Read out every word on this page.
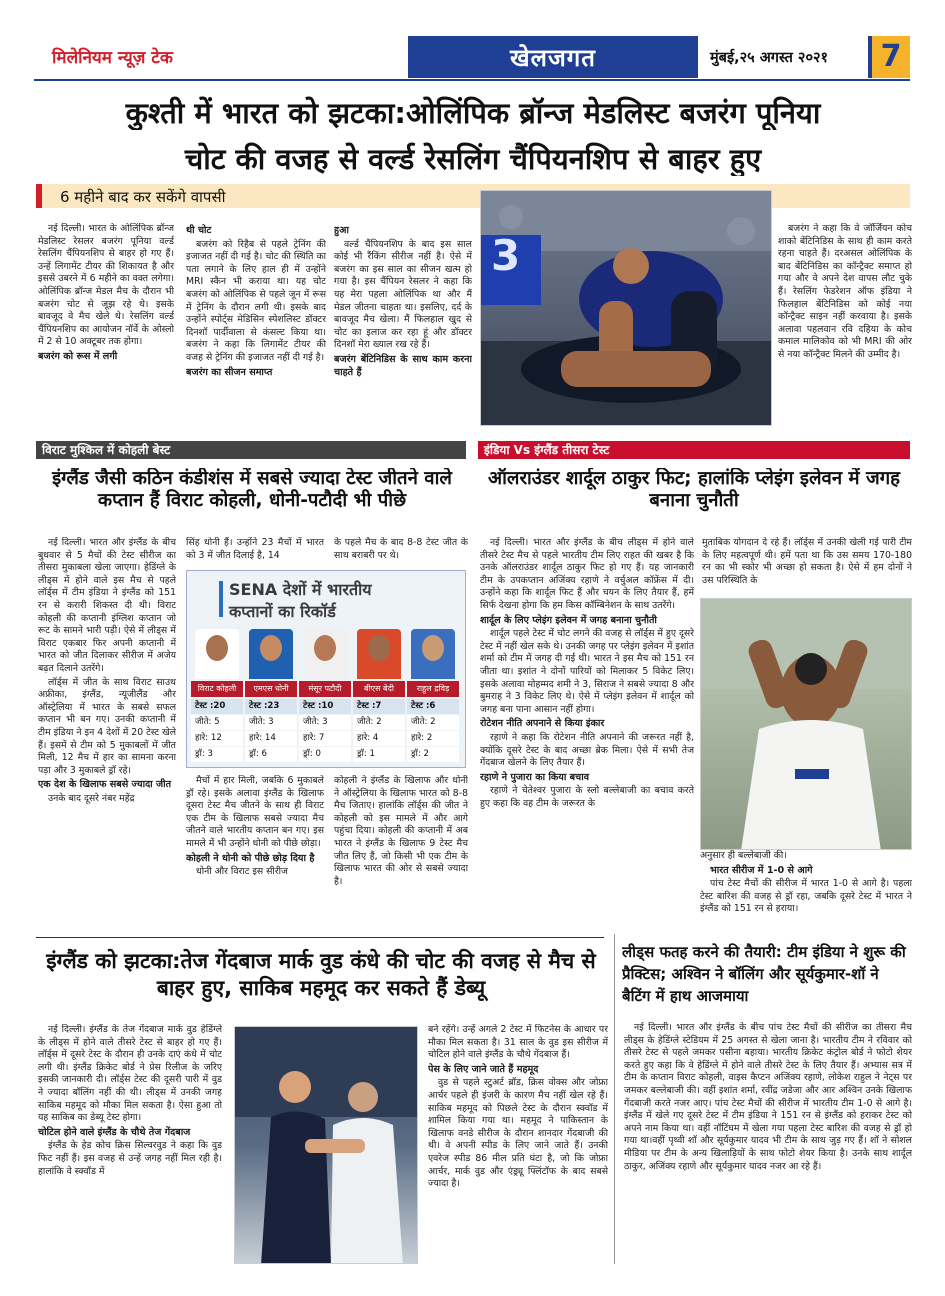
मिलेनियम न्यूज़ टेक	खेलजगत	मुंबई,२५ अगस्त २०२१ 7
कुश्ती में भारत को झटका:ओलिंपिक ब्रॉन्ज मेडलिस्ट बजरंग पूनिया
चोट की वजह से वर्ल्ड रेसलिंग चैंपियनशिप से बाहर हुए
6 महीने बाद कर सकेंगे वापसी

नई दिल्ली। भारत के ओलिंपिक ब्रॉन्ज मेडलिस्ट रेसलर बजरंग पूनिया वर्ल्ड रेसलिंग चैंपियनशिप से बाहर हो गए हैं। उन्हें लिगामेंट टीयर की शिकायत है और इससे उबरने में 6 महीने का वक्त लगेगा। ओलिंपिक ब्रॉन्ज मेडल मैच के दौरान भी बजरंग चोट से जूझ रहे थे। इसके बावजूद वे मैच खेले थे। रेसलिंग वर्ल्ड चैंपियनशिप का आयोजन नॉर्वे के ओस्लो में 2 से 10 अक्टूबर तक होगा।

बजरंग को रूस में लगी

थी चोट

बजरंग को रिहैब से पहले ट्रेनिंग की इजाजत नहीं दी गई है। चोट की स्थिति का पता लगाने के लिए हाल ही में उन्होंने MRI स्कैन भी कराया था। यह चोट बजरंग को ओलिंपिक से पहले जून में रूस में ट्रेनिंग के दौरान लगी थी। इसके बाद उन्होंने स्पोर्ट्स मेडिसिन स्पेशलिस्ट डॉक्टर दिनशॉ पार्दीवाला से कंसल्ट किया था। बजरंग ने कहा कि लिगामेंट टीयर की वजह से ट्रेनिंग की इजाजत नहीं दी गई है।

बजरंग का सीजन समाप्त

हुआ

वर्ल्ड चैंपियनशिप के बाद इस साल कोई भी रैंकिंग सीरीज नहीं है। ऐसे में बजरंग का इस साल का सीजन खत्म हो गया है। इस चैंपियन रेसलर ने कहा कि यह मेरा पहला ओलिंपिक था और मैं मेडल जीतना चाहता था। इसलिए, दर्द के बावजूद मैच खेला। मैं फिलहाल खुद से चोट का इलाज कर रहा हूं और डॉक्टर दिनशॉ मेरा ख्याल रख रहे हैं।

बजरंग बेंटिनिडिस के साथ काम करना चाहते हैं

3

बजरंग ने कहा कि वे जॉर्जियन कोच शाको बेंटिनिडिस के साथ ही काम करते रहना चाहते हैं। दरअसल ओलिंपिक के बाद बेंटिनिडिस का कॉन्ट्रैक्ट समाप्त हो गया और वे अपने देश वापस लौट चुके हैं। रेसलिंग फेडरेशन ऑफ इंडिया ने फिलहाल बेंटिनिडिस को कोई नया कॉन्ट्रैक्ट साइन नहीं करवाया है। इसके अलावा पहलवान रवि दहिया के कोच कमाल मालिकोव को भी MRI की ओर से नया कॉन्ट्रैक्ट मिलने की उम्मीद है।

विराट मुश्किल में कोहली बेस्ट
इंग्लैंड जैसी कठिन कंडीशंस में सबसे ज्यादा टेस्ट जीतने वाले कप्तान हैं विराट कोहली, धोनी-पटौदी भी पीछे

नई दिल्ली। भारत और इंग्लैंड के बीच बुधवार से 5 मैचों की टेस्ट सीरीज का तीसरा मुकाबला खेला जाएगा। हेडिंग्ले के लीड्स में होने वाले इस मैच से पहले लॉर्ड्स में टीम इंडिया ने इंग्लैंड को 151 रन से करारी शिकस्त दी थी। विराट कोहली की कप्तानी इंग्लिश कप्तान जो रूट के सामने भारी पड़ी। ऐसे में लीड्स में विराट एकबार फिर अपनी कप्तानी में भारत को जीत दिलाकर सीरीज में अजेय बढ़त दिलाने उतरेंगे।

लॉर्ड्स में जीत के साथ विराट साउथ अफ्रीका, इंग्लैंड, न्यूजीलैंड और ऑस्ट्रेलिया में भारत के सबसे सफल कप्तान भी बन गए। उनकी कप्तानी में टीम इंडिया ने इन 4 देशों में 20 टेस्ट खेले हैं। इसमें से टीम को 5 मुकाबलों में जीत मिली, 12 मैच में हार का सामना करना पड़ा और 3 मुकाबले ड्रॉ रहे।

एक देश के खिलाफ सबसे ज्यादा जीत

उनके बाद दूसरे नंबर महेंद्र

सिंह धोनी हैं। उन्होंने 23 मैचों में भारत को 3 में जीत दिलाई है, 14

के पहले मैच के बाद 8-8 टेस्ट जीत के साथ बराबरी पर थे।

SENA देशों में भारतीय
कप्तानों का रिकॉर्ड
विराट कोहली
टेस्ट :20
जीते: 5
हारे: 12
ड्रॉ: 3
एमएस धोनी
टेस्ट :23
जीते: 3
हारे: 14
ड्रॉ: 6
मंसूर पटौदी
टेस्ट :10
जीते: 3
हारे: 7
ड्रॉ: 0
बीएस बेदी
टेस्ट :7
जीते: 2
हारे: 4
ड्रॉ: 1
राहुल द्रविड़
टेस्ट :6
जीते: 2
हारे: 2
ड्रॉ: 2

मैचों में हार मिली, जबकि 6 मुकाबले ड्रॉ रहे। इसके अलावा इंग्लैंड के खिलाफ दूसरा टेस्ट मैच जीतने के साथ ही विराट एक टीम के खिलाफ सबसे ज्यादा मैच जीतने वाले भारतीय कप्तान बन गए। इस मामले में भी उन्होंने धोनी को पीछे छोड़ा।

कोहली ने धोनी को पीछे छोड़ दिया है

धोनी और विराट इस सीरीज

कोहली ने इंग्लैंड के खिलाफ और धोनी ने ऑस्ट्रेलिया के खिलाफ भारत को 8-8 मैच जिताए। हालांकि लॉर्ड्स की जीत ने कोहली को इस मामले में और आगे पहुंचा दिया। कोहली की कप्तानी में अब भारत ने इंग्लैंड के खिलाफ 9 टेस्ट मैच जीत लिए हैं, जो किसी भी एक टीम के खिलाफ भारत की ओर से सबसे ज्यादा है।

इंडिया Vs इंग्लैंड तीसरा टेस्ट
ऑलराउंडर शार्दूल ठाकुर फिट; हालांकि प्लेइंग इलेवन में जगह बनाना चुनौती

नई दिल्ली। भारत और इंग्लैंड के बीच लीड्स में होने वाले तीसरे टेस्ट मैच से पहले भारतीय टीम लिए राहत की खबर है कि उनके ऑलराउंडर शार्दूल ठाकुर फिट हो गए हैं। यह जानकारी टीम के उपकप्तान अजिंक्य रहाणे ने वर्चुअल कॉफ्रेंस में दी। उन्होंने कहा कि शार्दूल फिट हैं और चयन के लिए तैयार हैं, हमें सिर्फ देखना होगा कि हम किस कॉम्बिनेशन के साथ उतरेंगे।

शार्दूल के लिए प्लेइंग इलेवन में जगह बनाना चुनौती

शार्दूल पहले टेस्ट में चोट लगने की वजह से लॉर्ड्स में हुए दूसरे टेस्ट में नहीं खेल सके थे। उनकी जगह पर प्लेइंग इलेवन में इशांत शर्मा को टीम में जगह दी गई थी। भारत ने इस मैच को 151 रन जीता था। इशांत ने दोनों पारियों को मिलाकर 5 विकेट लिए। इसके अलावा मोहम्मद शमी ने 3, सिराज ने सबसे ज्यादा 8 और बुमराह ने 3 विकेट लिए थे। ऐसे में प्लेइंग इलेवन में शार्दूल को जगह बना पाना आसान नहीं होगा।

रोटेशन नीति अपनाने से किया इंकार

रहाणे ने कहा कि रोटेशन नीति अपनाने की जरूरत नहीं है, क्योंकि दूसरे टेस्ट के बाद अच्छा ब्रेक मिला। ऐसे में सभी तेज गेंदबाज खेलने के लिए तैयार हैं।

रहाणे ने पुजारा का किया बचाव

रहाणे ने चेतेश्वर पुजारा के स्लो बल्लेबाजी का बचाव करते हुए कहा कि वह टीम के जरूरत के

मुताबिक योगदान दे रहे हैं। लॉर्ड्स में उनकी खेली गई पारी टीम के लिए महत्वपूर्ण थी। हमें पता था कि उस समय 170-180 रन का भी स्कोर भी अच्छा हो सकता है। ऐसे में हम दोनों ने उस परिस्थिति के

अनुसार ही बल्लेबाजी की।

भारत सीरीज में 1-0 से आगे

पांच टेस्ट मैचों की सीरीज में भारत 1-0 से आगे है। पहला टेस्ट बारिश की वजह से ड्रॉ रहा, जबकि दूसरे टेस्ट में भारत ने इंग्लैंड को 151 रन से हराया।

इंग्लैंड को झटका:तेज गेंदबाज मार्क वुड कंधे की चोट की वजह से मैच से बाहर हुए, साकिब महमूद कर सकते हैं डेब्यू

नई दिल्ली। इंग्लैंड के तेज गेंदबाज मार्क वुड हेडिंग्ले के लीड्स में होने वाले तीसरे टेस्ट से बाहर हो गए हैं। लॉर्ड्स में दूसरे टेस्ट के दौरान ही उनके दाएं कंधे में चोट लगी थी। इंग्लैंड क्रिकेट बोर्ड ने प्रेस रिलीज के जरिए इसकी जानकारी दी। लॉर्ड्स टेस्ट की दूसरी पारी में वुड ने ज्यादा बॉलिंग नहीं की थी। लीड्स में उनकी जगह साकिब महमूद को मौका मिल सकता है। ऐसा हुआ तो यह साकिब का डेब्यू टेस्ट होगा।

चोटिल होने वाले इंग्लैंड के चौथे तेज गेंदबाज

इंग्लैंड के हेड कोच क्रिस सिल्वरवुड ने कहा कि वुड फिट नहीं हैं। इस वजह से उन्हें जगह नहीं मिल रही है। हालांकि वे स्क्वॉड में

बने रहेंगे। उन्हें अगले 2 टेस्ट में फिटनेस के आधार पर मौका मिल सकता है। 31 साल के वुड इस सीरीज में चोटिल होने वाले इंग्लैंड के चौथे गेंदबाज हैं।

पेस के लिए जाने जाते हैं महमूद

वुड से पहले स्टुअर्ट ब्रॉड, क्रिस वोक्स और जोफ्रा आर्चर पहले ही इंजरी के कारण मैच नहीं खेल रहे हैं। साकिब महमूद को पिछले टेस्ट के दौरान स्क्वॉड में शामिल किया गया था। महमूद ने पाकिस्तान के खिलाफ वनडे सीरीज के दौरान शानदार गेंदबाजी की थी। वे अपनी स्पीड के लिए जाने जाते हैं। उनकी एवरेज स्पीड 86 मील प्रति घंटा है, जो कि जोफ्रा आर्चर, मार्क वुड और एंड्र्यू फ्लिंटॉफ के बाद सबसे ज्यादा है।

लीड्स फतह करने की तैयारी: टीम इंडिया ने शुरू की प्रैक्टिस; अश्विन ने बॉलिंग और सूर्यकुमार-शॉ ने बैटिंग में हाथ आजमाया

नई दिल्ली। भारत और इंग्लैंड के बीच पांच टेस्ट मैचों की सीरीज का तीसरा मैच लीड्स के हेडिंग्ले स्टेडियम में 25 अगस्त से खेला जाना है। भारतीय टीम ने रविवार को तीसरे टेस्ट से पहले जमकर पसीना बहाया। भारतीय क्रिकेट कंट्रोल बोर्ड ने फोटो शेयर करते हुए कहा कि वे हेडिंग्ले में होने वाले तीसरे टेस्ट के लिए तैयार हैं। अभ्यास सत्र में टीम के कप्तान विराट कोहली, वाइस कैप्टन अजिंक्य रहाणे, लोकेश राहुल ने नेट्स पर जमकर बल्लेबाजी की। वहीं इशांत शर्मा, रवींद्र जडेजा और आर अश्विन उनके खिलाफ गेंदबाजी करते नजर आए। पांच टेस्ट मैचों की सीरीज में भारतीय टीम 1-0 से आगे है। इंग्लैंड में खेले गए दूसरे टेस्ट में टीम इंडिया ने 151 रन से इंग्लैंड को हराकर टेस्ट को अपने नाम किया था। वहीं नॉटिंघम में खेला गया पहला टेस्ट बारिश की वजह से ड्रॉ हो गया था।वहीं पृथ्वी शॉ और सूर्यकुमार यादव भी टीम के साथ जुड़ गए हैं। शॉ ने सोशल मीडिया पर टीम के अन्य खिलाड़ियों के साथ फोटो शेयर किया है। उनके साथ शार्दूल ठाकुर, अजिंक्य रहाणे और सूर्यकुमार यादव नजर आ रहे हैं।
